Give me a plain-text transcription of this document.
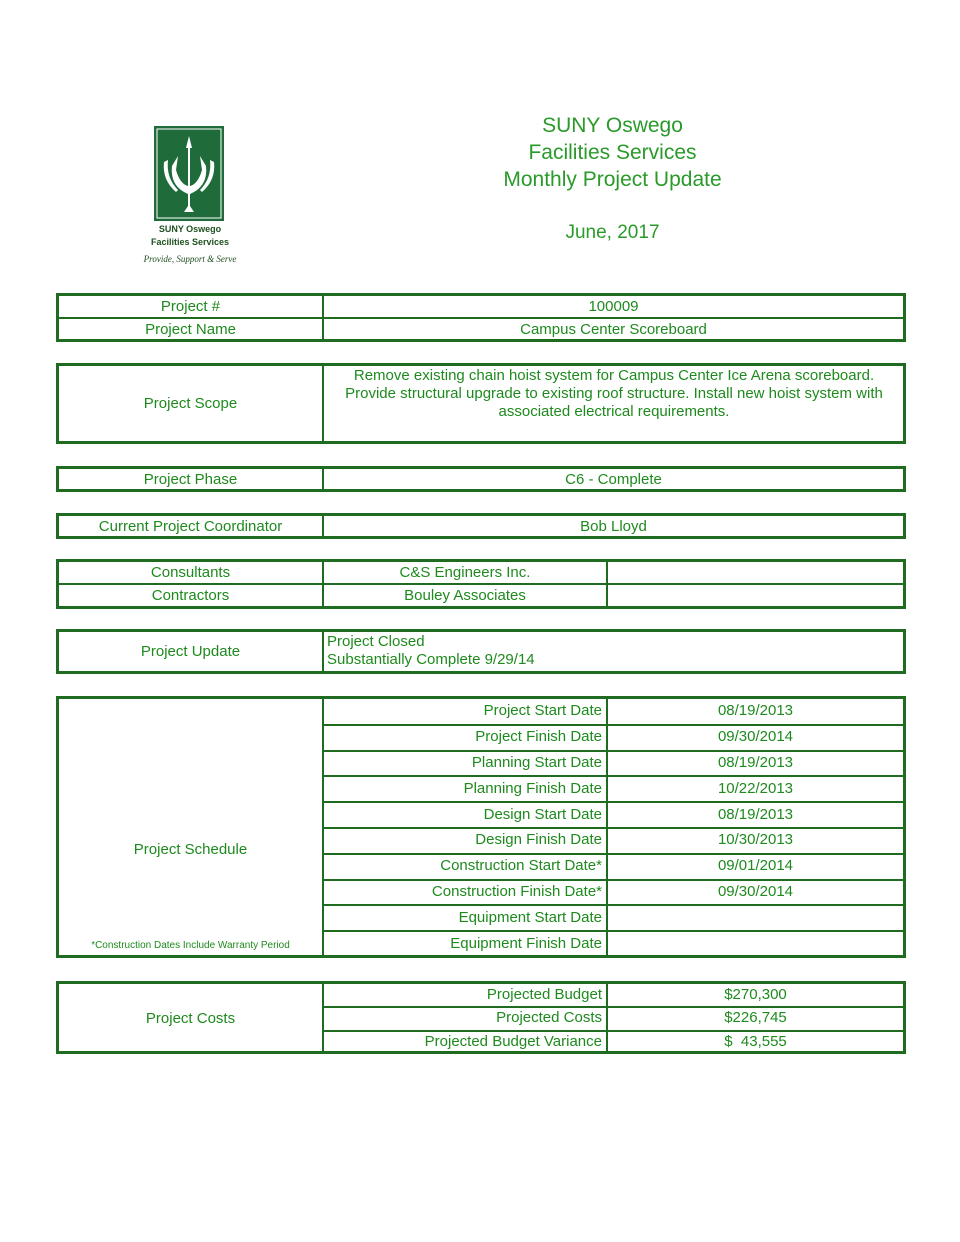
SUNY Oswego
Facilities Services
Provide, Support & Serve
SUNY Oswego
Facilities Services
Monthly Project Update
June, 2017
Project #	100009
Project Name	Campus Center Scoreboard
Project Scope
Remove existing chain hoist system for Campus Center Ice Arena scoreboard. Provide structural upgrade to existing roof structure. Install new hoist system with associated electrical requirements.
Project Phase	C6 - Complete
Current Project Coordinator	Bob Lloyd
Consultants	C&S Engineers Inc.
Contractors	Bouley Associates
Project Update
Project Closed
Substantially Complete 9/29/14
Project Schedule
*Construction Dates Include Warranty Period
Project Start Date	08/19/2013
Project Finish Date	09/30/2014
Planning Start Date	08/19/2013
Planning Finish Date	10/22/2013
Design Start Date	08/19/2013
Design Finish Date	10/30/2013
Construction Start Date*	09/01/2014
Construction Finish Date*	09/30/2014
Equipment Start Date
Equipment Finish Date
Project Costs
Projected Budget	$270,300
Projected Costs	$226,745
Projected Budget Variance	$  43,555
